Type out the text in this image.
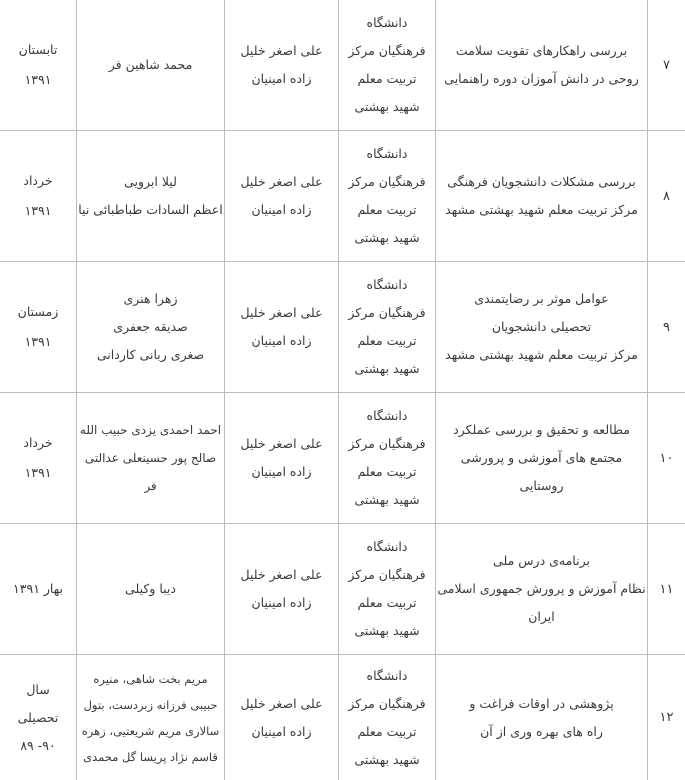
۷
بررسی راهکارهای تقویت سلامت
روحی در دانش آموزان دوره راهنمایی
دانشگاه
فرهنگیان مرکز
تربیت معلم
شهید بهشتی
علی اصغر خلیل
زاده امینیان
محمد شاهین فر
تابستان
۱۳۹۱
۸
بررسی مشکلات دانشجویان فرهنگی
مرکز تربیت معلم شهید بهشتی مشهد
دانشگاه
فرهنگیان مرکز
تربیت معلم
شهید بهشتی
علی اصغر خلیل
زاده امینیان
لیلا ابرویی
اعظم السادات طباطبائی نیا
خرداد
۱۳۹۱
۹
عوامل موثر بر رضایتمندی
تحصیلی دانشجویان
مرکز تربیت معلم شهید بهشتی مشهد
دانشگاه
فرهنگیان مرکز
تربیت معلم
شهید بهشتی
علی اصغر خلیل
زاده امینیان
زهرا هنری
صدیقه جعفری
صغری ربانی کاردانی
زمستان
۱۳۹۱
۱۰
مطالعه و تحقیق و بررسی عملکرد
مجتمع های آموزشی و پرورشی
روستایی
دانشگاه
فرهنگیان مرکز
تربیت معلم
شهید بهشتی
علی اصغر خلیل
زاده امینیان
احمد احمدی یزدی حبیب الله
صالح پور حسینعلی عدالتی فر
خرداد
۱۳۹۱
۱۱
برنامه‌ی درس ملی
نظام آموزش و پرورش جمهوری اسلامی
ایران
دانشگاه
فرهنگیان مرکز
تربیت معلم
شهید بهشتی
علی اصغر خلیل
زاده امینیان
دیبا وکیلی
بهار ۱۳۹۱
۱۲
پژوهشی در اوقات فراغت و
راه های بهره وری از آن
دانشگاه
فرهنگیان مرکز
تربیت معلم
شهید بهشتی
علی اصغر خلیل
زاده امینیان
مریم بخت شاهی، منیره
حبیبی فرزانه زبردست، بتول
سالاری مریم شریعتیی، زهره
قاسم نژاد پریسا گل محمدی
سال
تحصیلی
۹۰- ۸۹
